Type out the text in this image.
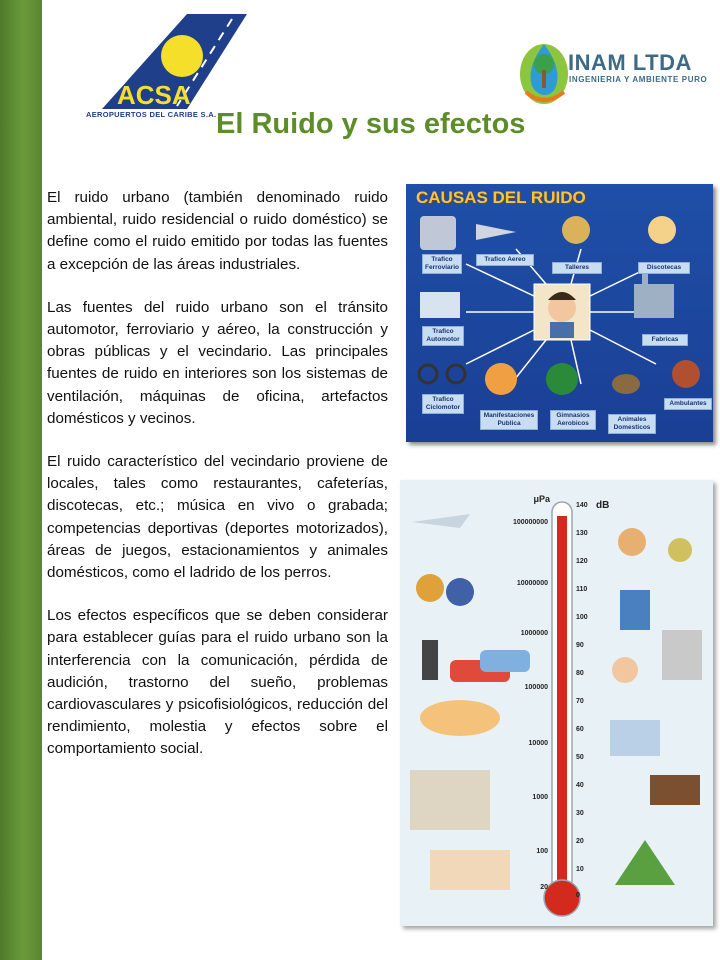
ACSA
AEROPUERTOS DEL CARIBE S.A.
INAM LTDA
INGENIERIA Y AMBIENTE PURO
El Ruido y sus efectos

El ruido urbano (también denominado ruido ambiental, ruido residencial o ruido doméstico) se define como el ruido emitido por todas las fuentes a excepción de las áreas industriales.

Las fuentes del ruido urbano son el tránsito automotor, ferroviario y aéreo, la construcción y obras públicas y el vecindario. Las principales fuentes de ruido en interiores son los sistemas de ventilación, máquinas de oficina, artefactos domésticos y vecinos.

El ruido característico del vecindario proviene de locales, tales como restaurantes, cafeterías, discotecas, etc.; música en vivo o grabada; competencias deportivas (deportes motorizados), áreas de juegos, estacionamientos y animales domésticos, como el ladrido de los perros.

Los efectos específicos que se deben considerar para establecer guías para el ruido urbano son la interferencia con la comunicación, pérdida de audición, trastorno del sueño, problemas cardiovasculares y psicofisiológicos, reducción del rendimiento, molestia y efectos sobre el comportamiento social.

CAUSAS DEL RUIDO
Trafico Ferroviario
Trafico Aereo
Talleres	Discotecas
Trafico Automotor	Fabricas
Trafico Ciclomotor
Manifestaciones Publica
Gimnasios Aerobicos
Animales Domesticos
Ambulantes
μPa
dB
100000000
10000000
1000000
100000
10000
1000
100
20
140
130
120
110
100
90
80
70
60
50
40
30
20
10
0
